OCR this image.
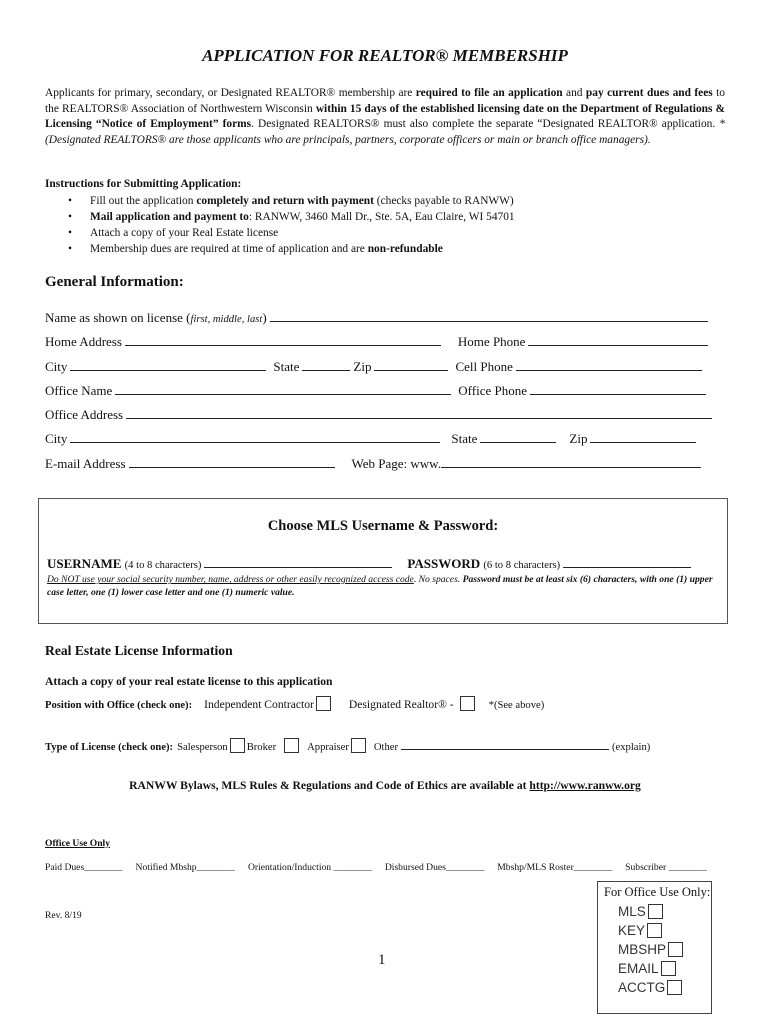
APPLICATION FOR REALTOR® MEMBERSHIP
Applicants for primary, secondary, or Designated REALTOR® membership are required to file an application and pay current dues and fees to the REALTORS® Association of Northwestern Wisconsin within 15 days of the established licensing date on the Department of Regulations & Licensing “Notice of Employment” forms. Designated REALTORS® must also complete the separate “Designated REALTOR® application. *(Designated REALTORS® are those applicants who are principals, partners, corporate officers or main or branch office managers).
Instructions for Submitting Application:
• Fill out the application completely and return with payment (checks payable to RANWW)
• Mail application and payment to: RANWW, 3460 Mall Dr., Ste. 5A, Eau Claire, WI 54701
• Attach a copy of your Real Estate license
• Membership dues are required at time of application and are non-refundable
General Information:
Name as shown on license (first, middle, last)
Home Address	Home Phone
City	State	Zip	Cell Phone
Office Name	Office Phone
Office Address
City	State	Zip
E-mail Address	Web Page: www.
Choose MLS Username & Password:
USERNAME (4 to 8 characters)	PASSWORD (6 to 8 characters)
Do NOT use your social security number, name, address or other easily recognized access code. No spaces. Password must be at least six (6) characters, with one (1) upper case letter, one (1) lower case letter and one (1) numeric value.
Real Estate License Information
Attach a copy of your real estate license to this application
Position with Office (check one): Independent Contractor	Designated Realtor® -	*(See above)
Type of License (check one): Salesperson Broker	Appraiser Other	(explain)
RANWW Bylaws, MLS Rules & Regulations and Code of Ethics are available at http://www.ranww.org
Office Use Only
Paid Dues________ Notified Mbshp________ Orientation/Induction ________ Disbursed Dues________ Mbshp/MLS Roster________ Subscriber ________
Rev. 8/19
1
For Office Use Only:
MLS
KEY
MBSHP
EMAIL
ACCTG
